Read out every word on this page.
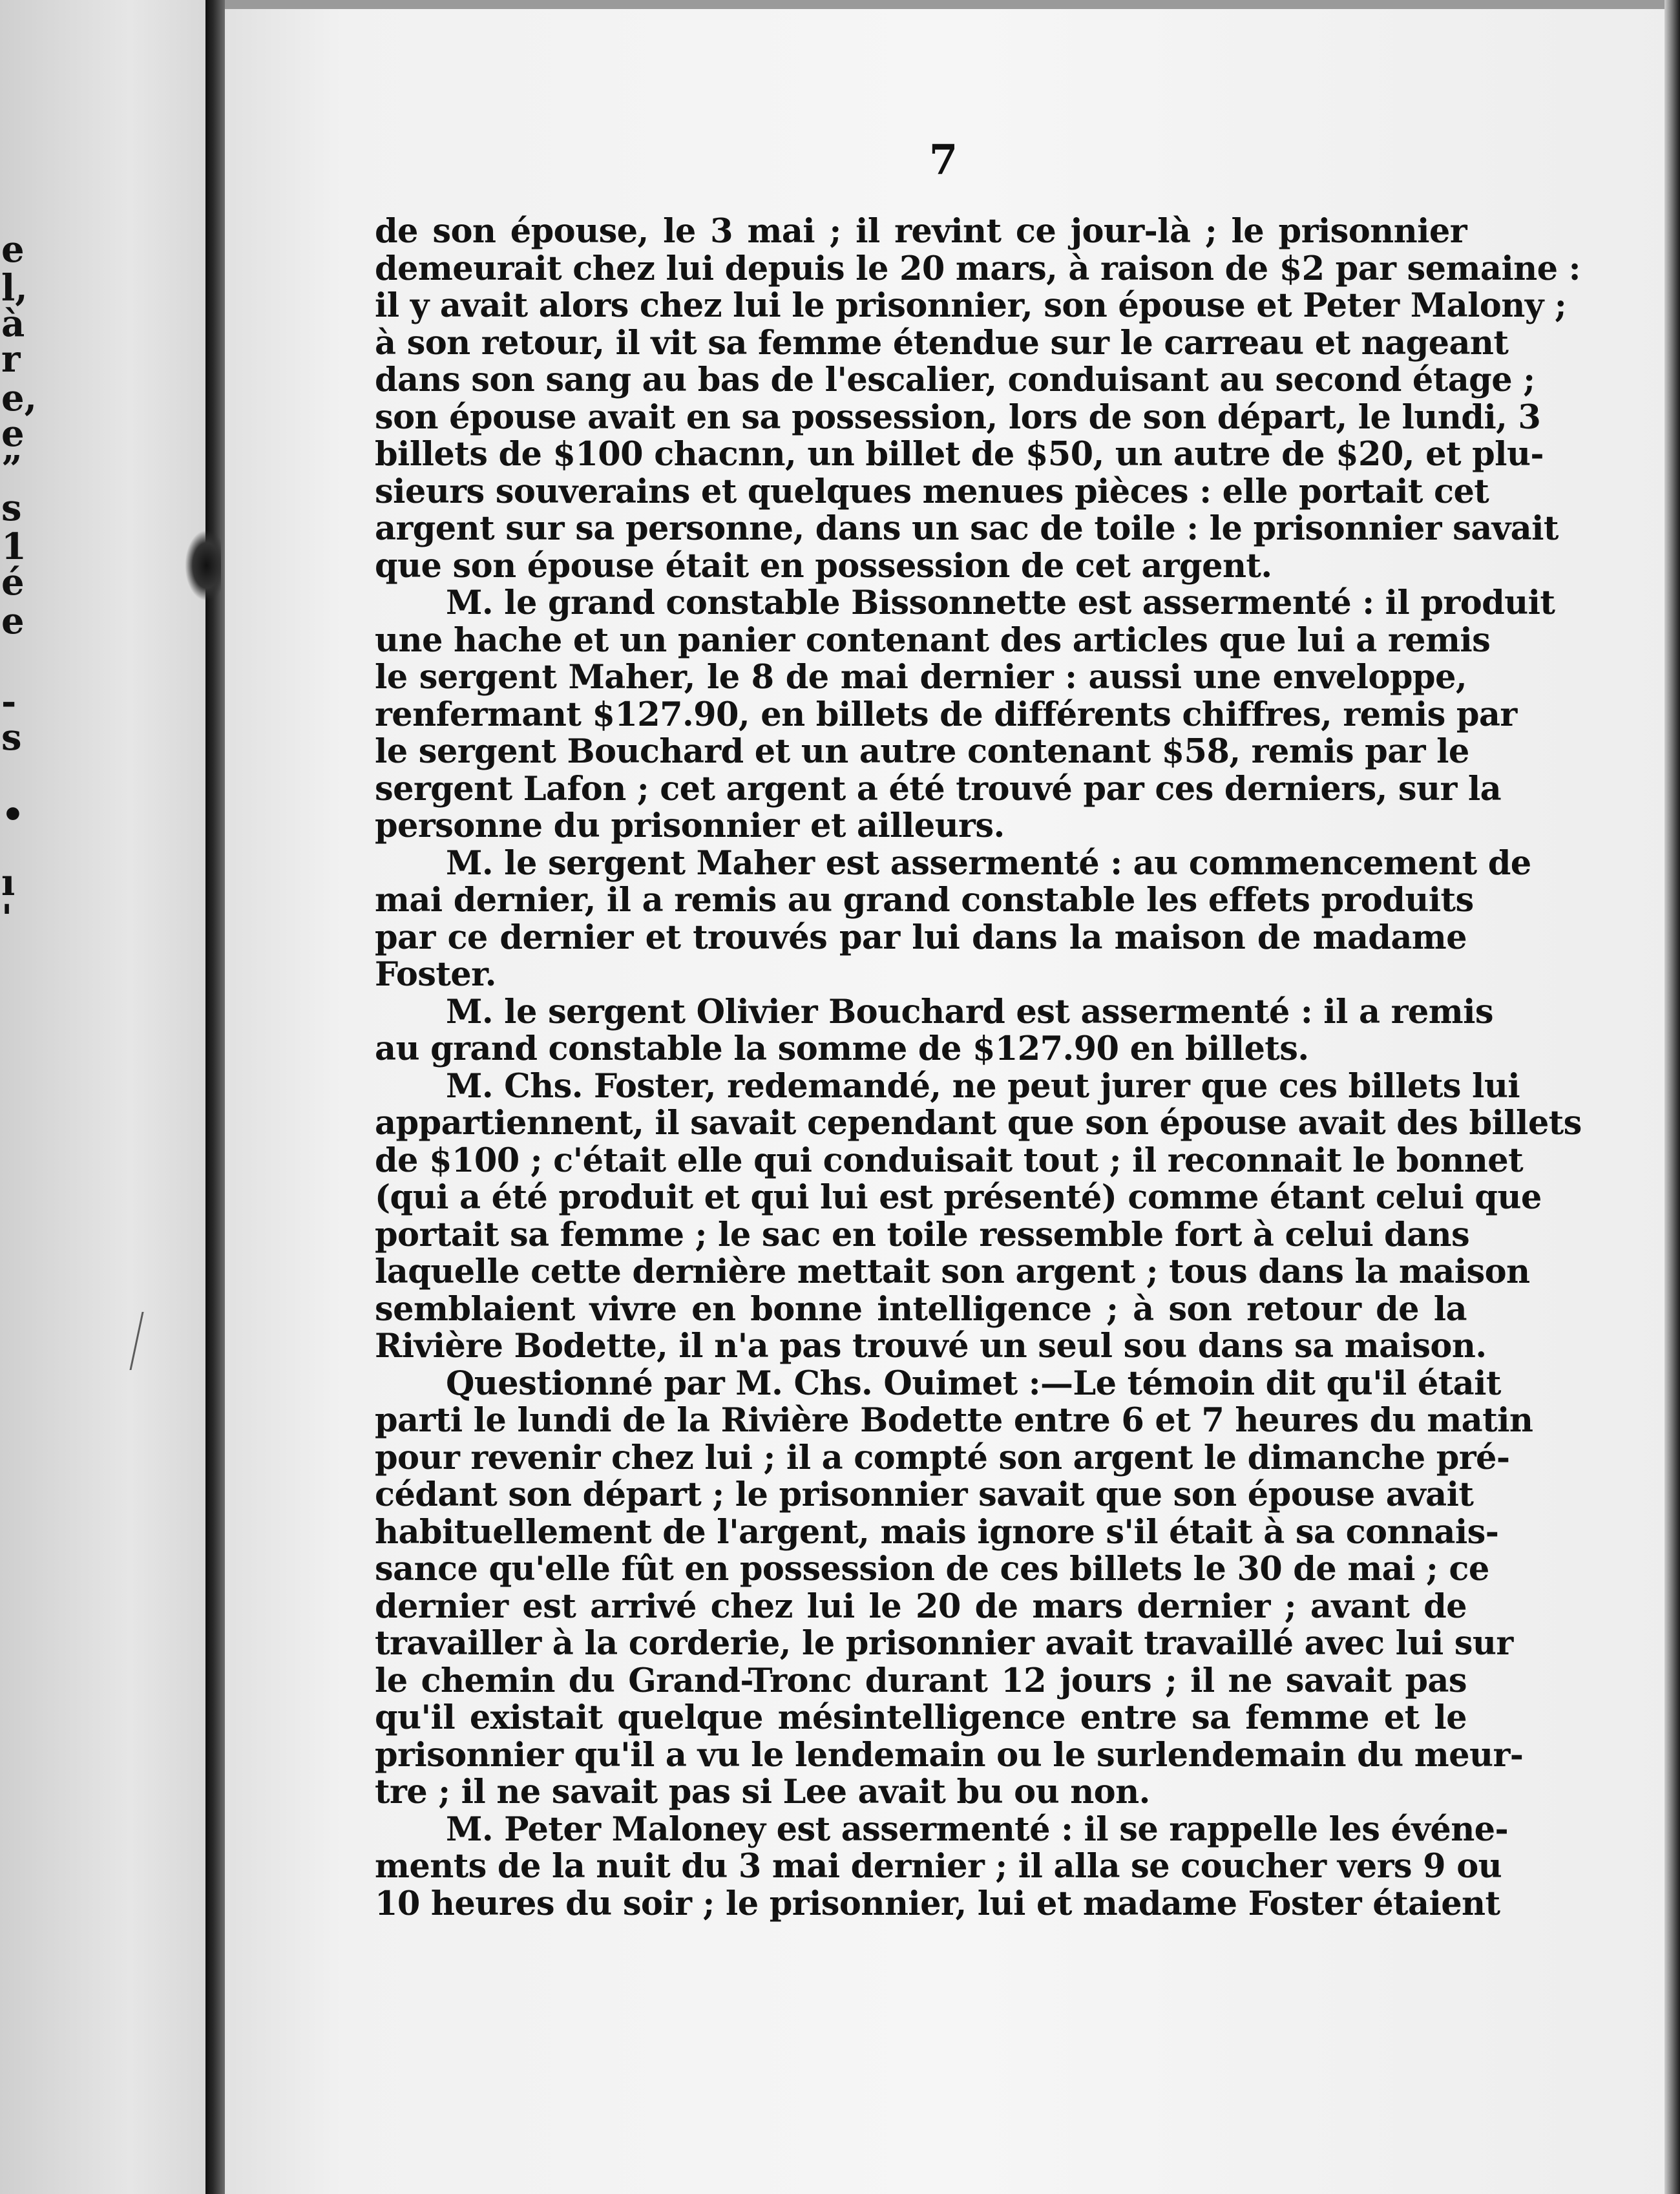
e
l,
à
r
e,
e
”
s
1
é
e
-
s
•
ı
'
7

de son épouse, le 3 mai ; il revint ce jour-là ; le prisonnier
demeurait chez lui depuis le 20 mars, à raison de $2 par semaine :
il y avait alors chez lui le prisonnier, son épouse et Peter Malony ;
à son retour, il vit sa femme étendue sur le carreau et nageant
dans son sang au bas de l'escalier, conduisant au second étage ;
son épouse avait en sa possession, lors de son départ, le lundi, 3
billets de $100 chacnn, un billet de $50, un autre de $20, et plu-
sieurs souverains et quelques menues pièces : elle portait cet
argent sur sa personne, dans un sac de toile : le prisonnier savait
que son épouse était en possession de cet argent.

M. le grand constable Bissonnette est assermenté : il produit
une hache et un panier contenant des articles que lui a remis
le sergent Maher, le 8 de mai dernier : aussi une enveloppe,
renfermant $127.90, en billets de différents chiffres, remis par
le sergent Bouchard et un autre contenant $58, remis par le
sergent Lafon ; cet argent a été trouvé par ces derniers, sur la
personne du prisonnier et ailleurs.

M. le sergent Maher est assermenté : au commencement de
mai dernier, il a remis au grand constable les effets produits
par ce dernier et trouvés par lui dans la maison de madame
Foster.

M. le sergent Olivier Bouchard est assermenté : il a remis
au grand constable la somme de $127.90 en billets.

M. Chs. Foster, redemandé, ne peut jurer que ces billets lui
appartiennent, il savait cependant que son épouse avait des billets
de $100 ; c'était elle qui conduisait tout ; il reconnait le bonnet
(qui a été produit et qui lui est présenté) comme étant celui que
portait sa femme ; le sac en toile ressemble fort à celui dans
laquelle cette dernière mettait son argent ; tous dans la maison
semblaient vivre en bonne intelligence ; à son retour de la
Rivière Bodette, il n'a pas trouvé un seul sou dans sa maison.

Questionné par M. Chs. Ouimet :—Le témoin dit qu'il était
parti le lundi de la Rivière Bodette entre 6 et 7 heures du matin
pour revenir chez lui ; il a compté son argent le dimanche pré-
cédant son départ ; le prisonnier savait que son épouse avait
habituellement de l'argent, mais ignore s'il était à sa connais-
sance qu'elle fût en possession de ces billets le 30 de mai ; ce
dernier est arrivé chez lui le 20 de mars dernier ; avant de
travailler à la corderie, le prisonnier avait travaillé avec lui sur
le chemin du Grand-Tronc durant 12 jours ; il ne savait pas
qu'il existait quelque mésintelligence entre sa femme et le
prisonnier qu'il a vu le lendemain ou le surlendemain du meur-
tre ; il ne savait pas si Lee avait bu ou non.

M. Peter Maloney est assermenté : il se rappelle les événe-
ments de la nuit du 3 mai dernier ; il alla se coucher vers 9 ou
10 heures du soir ; le prisonnier, lui et madame Foster étaient
